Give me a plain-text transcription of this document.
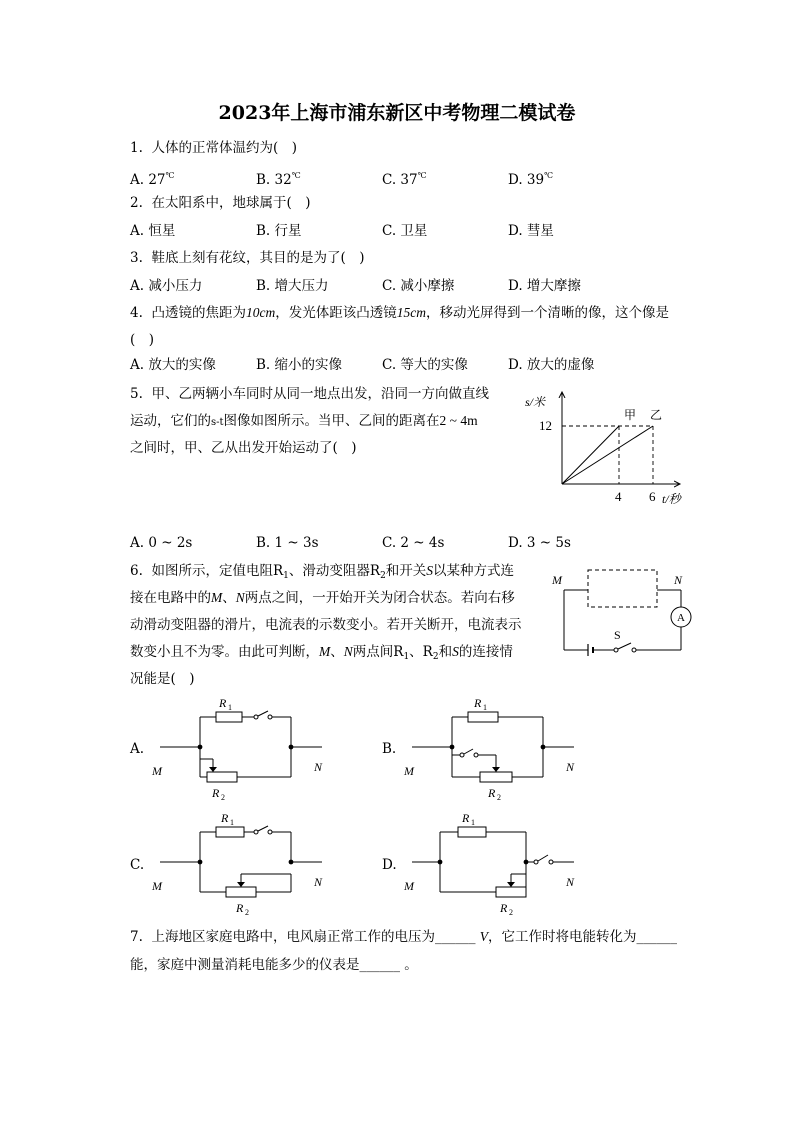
2023年上海市浦东新区中考物理二模试卷
1. 人体的正常体温约为( )
A. 27℃	B. 32℃	C. 37℃	D. 39℃
2. 在太阳系中，地球属于( )
A. 恒星	B. 行星	C. 卫星	D. 彗星
3. 鞋底上刻有花纹，其目的是为了( )
A. 减小压力	B. 增大压力	C. 减小摩擦	D. 增大摩擦
4. 凸透镜的焦距为10cm，发光体距该凸透镜15cm，移动光屏得到一个清晰的像，这个像是
( )
A. 放大的实像	B. 缩小的实像	C. 等大的实像	D. 放大的虚像
5. 甲、乙两辆小车同时从同一地点出发，沿同一方向做直线
运动，它们的s-t图像如图所示。当甲、乙间的距离在2 ~ 4m
之间时，甲、乙从出发开始运动了( )
s/米
t/秒
12
4 6
甲 乙
A. 0 ~ 2s	B. 1 ~ 3s	C. 2 ~ 4s	D. 3 ~ 5s
6. 如图所示，定值电阻$R_1$、滑动变阻器$R_2$和开关S以某种方式连
接在电路中的M、N两点之间，一开始开关为闭合状态。若向右移
动滑动变阻器的滑片，电流表的示数变小。若开关断开，电流表示
数变小且不为零。由此可判断，M、N两点间$R_1$、$R_2$和S的连接情
况能是( )
M	N
A
S
A.
M	N
R 1
R 2
B.
M	N
R 1
R 2
C.
M	N
R 1
R 2
D.
M	N
R 1
R 2
7. 上海地区家庭电路中，电风扇正常工作的电压为______ V，它工作时将电能转化为______
能，家庭中测量消耗电能多少的仪表是______ 。
